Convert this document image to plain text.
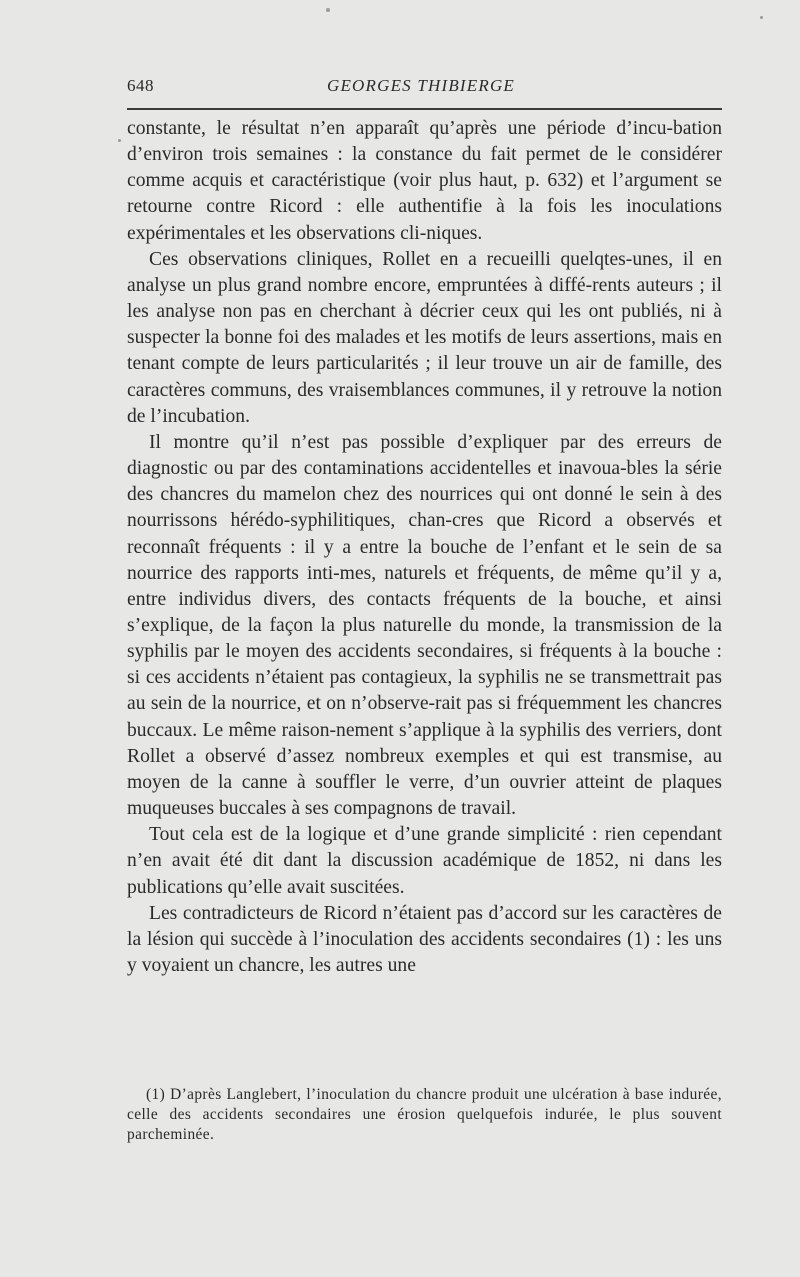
648	GEORGES THIBIERGE

constante, le résultat n’en apparaît qu’après une période d’incu-bation d’environ trois semaines : la constance du fait permet de le considérer comme acquis et caractéristique (voir plus haut, p. 632) et l’argument se retourne contre Ricord : elle authentifie à la fois les inoculations expérimentales et les observations cli-niques.

Ces observations cliniques, Rollet en a recueilli quelqtes-unes, il en analyse un plus grand nombre encore, empruntées à diffé-rents auteurs ; il les analyse non pas en cherchant à décrier ceux qui les ont publiés, ni à suspecter la bonne foi des malades et les motifs de leurs assertions, mais en tenant compte de leurs particularités ; il leur trouve un air de famille, des caractères communs, des vraisemblances communes, il y retrouve la notion de l’incubation.

Il montre qu’il n’est pas possible d’expliquer par des erreurs de diagnostic ou par des contaminations accidentelles et inavoua-bles la série des chancres du mamelon chez des nourrices qui ont donné le sein à des nourrissons hérédo-syphilitiques, chan-cres que Ricord a observés et reconnaît fréquents : il y a entre la bouche de l’enfant et le sein de sa nourrice des rapports inti-mes, naturels et fréquents, de même qu’il y a, entre individus divers, des contacts fréquents de la bouche, et ainsi s’explique, de la façon la plus naturelle du monde, la transmission de la syphilis par le moyen des accidents secondaires, si fréquents à la bouche : si ces accidents n’étaient pas contagieux, la syphilis ne se transmettrait pas au sein de la nourrice, et on n’observe-rait pas si fréquemment les chancres buccaux. Le même raison-nement s’applique à la syphilis des verriers, dont Rollet a observé d’assez nombreux exemples et qui est transmise, au moyen de la canne à souffler le verre, d’un ouvrier atteint de plaques muqueuses buccales à ses compagnons de travail.

Tout cela est de la logique et d’une grande simplicité : rien cependant n’en avait été dit dant la discussion académique de 1852, ni dans les publications qu’elle avait suscitées.

Les contradicteurs de Ricord n’étaient pas d’accord sur les caractères de la lésion qui succède à l’inoculation des accidents secondaires (1) : les uns y voyaient un chancre, les autres une

(1) D’après Langlebert, l’inoculation du chancre produit une ulcération à base indurée, celle des accidents secondaires une érosion quelquefois indurée, le plus souvent parcheminée.
